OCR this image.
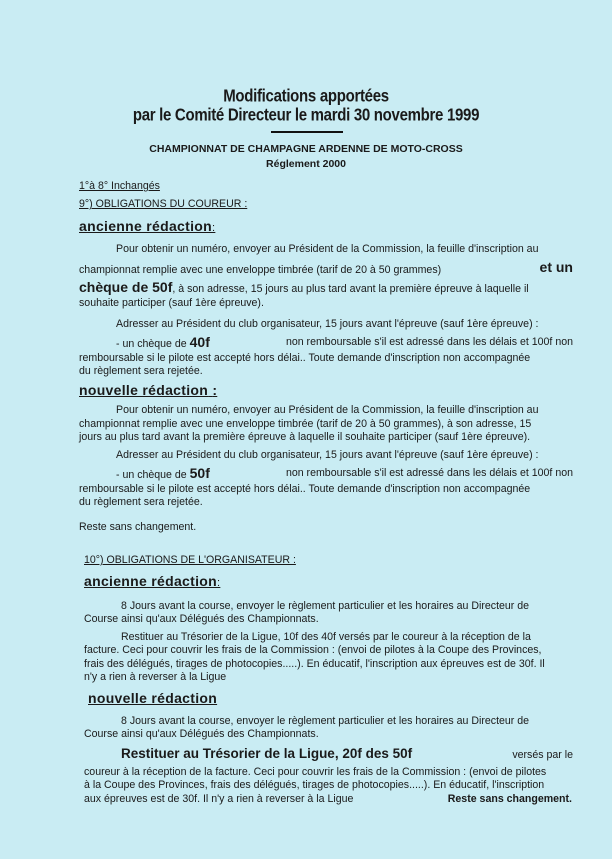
Modifications apportées
par le Comité Directeur le mardi 30 novembre 1999
CHAMPIONNAT DE CHAMPAGNE ARDENNE DE MOTO-CROSS
Réglement 2000
1°à 8° Inchangés
9°) OBLIGATIONS DU COUREUR :
ancienne rédaction:
Pour obtenir un numéro, envoyer au Président de la Commission, la feuille d'inscription au
championnat remplie avec une enveloppe timbrée (tarif de 20 à 50 grammes)	et un
chèque de 50f, à son adresse, 15 jours au plus tard avant la première épreuve à laquelle il
souhaite participer (sauf 1ère épreuve).
Adresser au Président du club organisateur, 15 jours avant l'épreuve (sauf 1ère épreuve) :
- un chèque de 40f	non remboursable s'il est adressé dans les délais et 100f non
remboursable si le pilote est accepté hors délai.. Toute demande d'inscription non accompagnée
du règlement sera rejetée.
nouvelle rédaction :
Pour obtenir un numéro, envoyer au Président de la Commission, la feuille d'inscription au
championnat remplie avec une enveloppe timbrée (tarif de 20 à 50 grammes), à son adresse, 15
jours au plus tard avant la première épreuve à laquelle il souhaite participer (sauf 1ère épreuve).
Adresser au Président du club organisateur, 15 jours avant l'épreuve (sauf 1ère épreuve) :
- un chèque de 50f	non remboursable s'il est adressé dans les délais et 100f non
remboursable si le pilote est accepté hors délai.. Toute demande d'inscription non accompagnée
du règlement sera rejetée.
Reste sans changement.
10°) OBLIGATIONS DE L'ORGANISATEUR :
ancienne rédaction:
8 Jours avant la course, envoyer le règlement particulier et les horaires au Directeur de
Course ainsi qu'aux Délégués des Championnats.
Restituer au Trésorier de la Ligue, 10f des 40f versés par le coureur à la réception de la
facture. Ceci pour couvrir les frais de la Commission : (envoi de pilotes à la Coupe des Provinces,
frais des délégués, tirages de photocopies.....). En éducatif, l'inscription aux épreuves est de 30f. Il
n'y a rien à reverser à la Ligue
nouvelle rédaction
8 Jours avant la course, envoyer le règlement particulier et les horaires au Directeur de
Course ainsi qu'aux Délégués des Championnats.
Restituer au Trésorier de la Ligue, 20f des 50f	versés par le
coureur à la réception de la facture. Ceci pour couvrir les frais de la Commission : (envoi de pilotes
à la Coupe des Provinces, frais des délégués, tirages de photocopies.....). En éducatif, l'inscription
aux épreuves est de 30f. Il n'y a rien à reverser à la Ligue	Reste sans changement.
